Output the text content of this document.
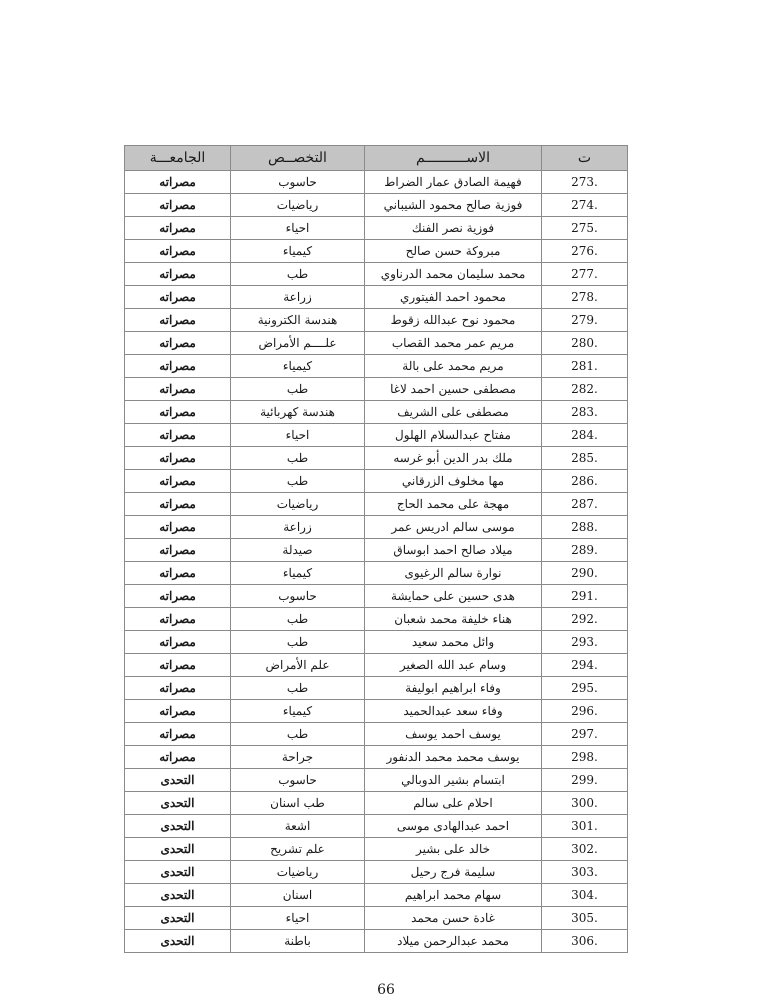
الجامعـــة	التخصــص	الاســــــــــم	ت
مصراته	حاسوب	فهيمة الصادق عمار الضراط	273.
مصراته	رياضيات	فوزية صالح محمود الشيباني	274.
مصراته	احياء	فوزية نصر الفنك	275.
مصراته	كيمياء	مبروكة حسن صالح	276.
مصراته	طب	محمد سليمان محمد الدرناوي	277.
مصراته	زراعة	محمود احمد الفيتوري	278.
مصراته	هندسة الكترونية	محمود نوح عبدالله زقوط	279.
مصراته	علــــم الأمراض	مريم عمر محمد القصاب	280.
مصراته	كيمياء	مريم محمد على بالة	281.
مصراته	طب	مصطفى حسين احمد لاغا	282.
مصراته	هندسة كهربائية	مصطفى على الشريف	283.
مصراته	احياء	مفتاح عبدالسلام الهلول	284.
مصراته	طب	ملك بدر الدين أبو غرسه	285.
مصراته	طب	مها مخلوف الزرقاني	286.
مصراته	رياضيات	مهجة على محمد الحاج	287.
مصراته	زراعة	موسى سالم ادريس عمر	288.
مصراته	صيدلة	ميلاد صالح احمد ابوساق	289.
مصراته	كيمياء	نوارة سالم الرغيوى	290.
مصراته	حاسوب	هدى حسين على حمايشة	291.
مصراته	طب	هناء خليفة محمد شعبان	292.
مصراته	طب	وائل محمد سعيد	293.
مصراته	علم الأمراض	وسام عبد الله الصغير	294.
مصراته	طب	وفاء ابراهيم ابوليفة	295.
مصراته	كيمياء	وفاء سعد عبدالحميد	296.
مصراته	طب	يوسف احمد يوسف	297.
مصراته	جراحة	يوسف محمد محمد الدنفور	298.
التحدى	حاسوب	ابتسام بشير الدوبالي	299.
التحدى	طب اسنان	احلام على سالم	300.
التحدى	اشعة	احمد عبدالهادى موسى	301.
التحدى	علم تشريح	خالد على بشير	302.
التحدى	رياضيات	سليمة فرج رحيل	303.
التحدى	اسنان	سهام محمد ابراهيم	304.
التحدى	احياء	غادة حسن محمد	305.
التحدى	باطنة	محمد عبدالرحمن ميلاد	306.
66
